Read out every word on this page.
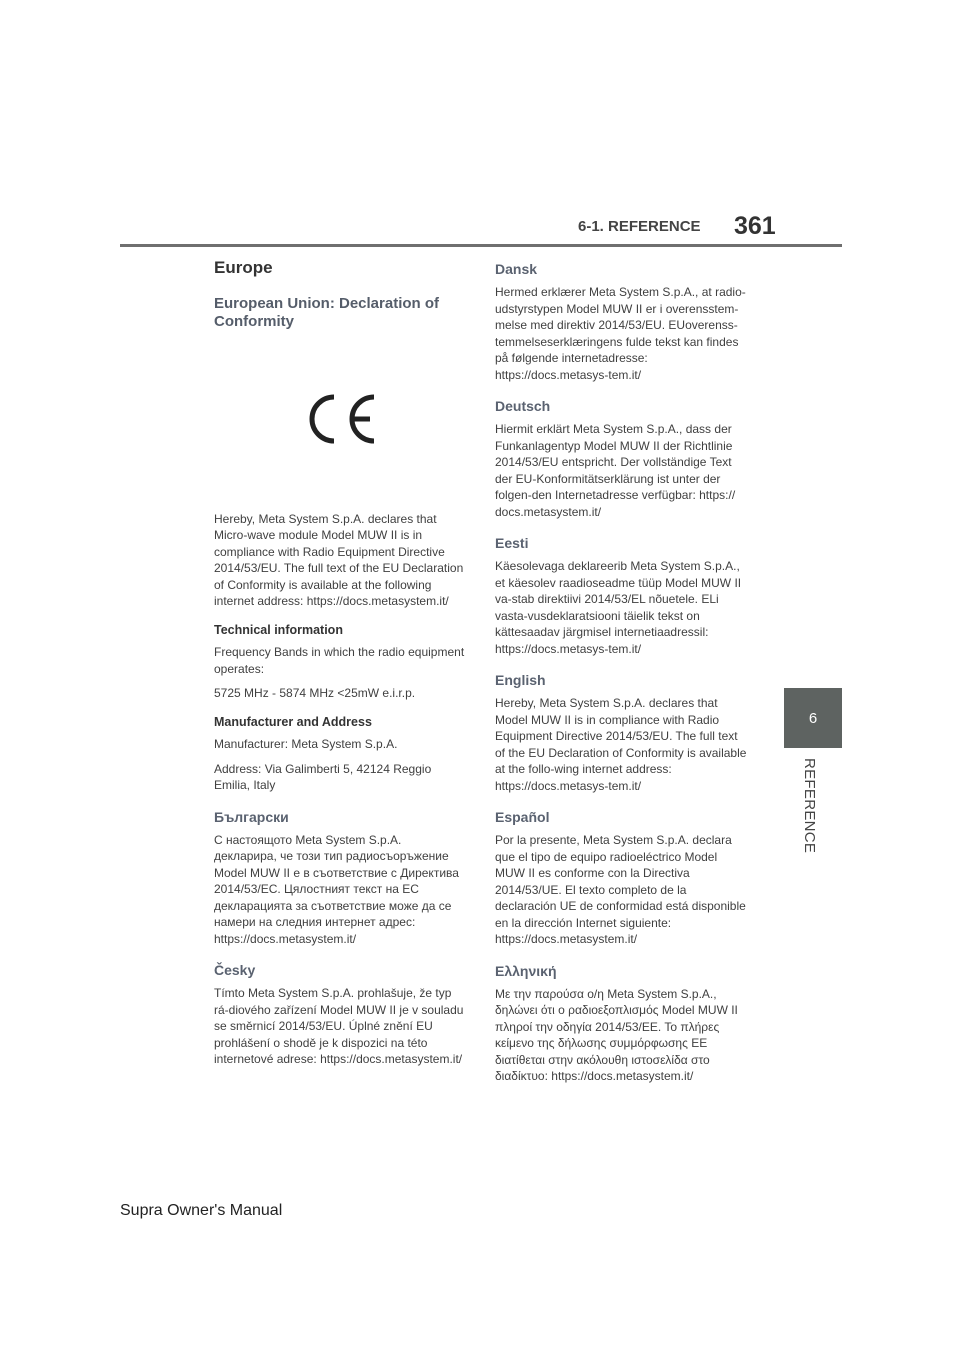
6-1. REFERENCE 361
6
REFERENCE
Europe
European Union: Declaration of Conformity

Hereby, Meta System S.p.A. declares that Micro-wave module Model MUW II is in compliance with Radio Equipment Directive 2014/53/EU. The full text of the EU Declaration of Conformity is available at the following internet address: https://docs.metasystem.it/

Technical information

Frequency Bands in which the radio equipment operates:

5725 MHz - 5874 MHz <25mW e.i.r.p.

Manufacturer and Address

Manufacturer: Meta System S.p.A.

Address: Via Galimberti 5, 42124 Reggio Emilia, Italy

Български

С настоящото Meta System S.p.A. декларира, че този тип радиосъоръжение Model MUW II е в съответствие с Директива 2014/53/ЕС. Цялостният текст на ЕС декларацията за съответствие може да се намери на следния интернет адрес: https://docs.metasystem.it/

Česky

Tímto Meta System S.p.A. prohlašuje, že typ rá-diového zařízení Model MUW II je v souladu se směrnicí 2014/53/EU. Úplné znění EU prohlášení o shodě je k dispozici na této internetové adrese: https://docs.metasystem.it/

Dansk

Hermed erklærer Meta System S.p.A., at radio-udstyrstypen Model MUW II er i overensstem-melse med direktiv 2014/53/EU. EUoverenss-temmelseserklæringens fulde tekst kan findes på følgende internetadresse: https://docs.metasys-tem.it/

Deutsch

Hiermit erklärt Meta System S.p.A., dass der Funkanlagentyp Model MUW II der Richtlinie 2014/53/EU entspricht. Der vollständige Text der EU-Konformitätserklärung ist unter der folgen-den Internetadresse verfügbar: https:// docs.metasystem.it/

Eesti

Käesolevaga deklareerib Meta System S.p.A., et käesolev raadioseadme tüüp Model MUW II va-stab direktiivi 2014/53/EL nõuetele. ELi vasta-vusdeklaratsiooni täielik tekst on kättesaadav järgmisel internetiaadressil: https://docs.metasys-tem.it/

English

Hereby, Meta System S.p.A. declares that Model MUW II is in compliance with Radio Equipment Directive 2014/53/EU. The full text of the EU Declaration of Conformity is available at the follo-wing internet address: https://docs.metasys-tem.it/

Español

Por la presente, Meta System S.p.A. declara que el tipo de equipo radioeléctrico Model MUW II es conforme con la Directiva 2014/53/UE. El texto completo de la declaración UE de conformidad está disponible en la dirección Internet siguiente: https://docs.metasystem.it/

Ελληνική

Με την παρούσα ο/η Meta System S.p.A., δηλώνει ότι ο ραδιοεξοπλισμός Model MUW II πληροί την οδηγία 2014/53/ΕΕ. Το πλήρες κείμενο της δήλωσης συμμόρφωσης ΕΕ διατίθεται στην ακόλουθη ιστοσελίδα στο διαδίκτυο: https://docs.metasystem.it/

Supra Owner's Manual
